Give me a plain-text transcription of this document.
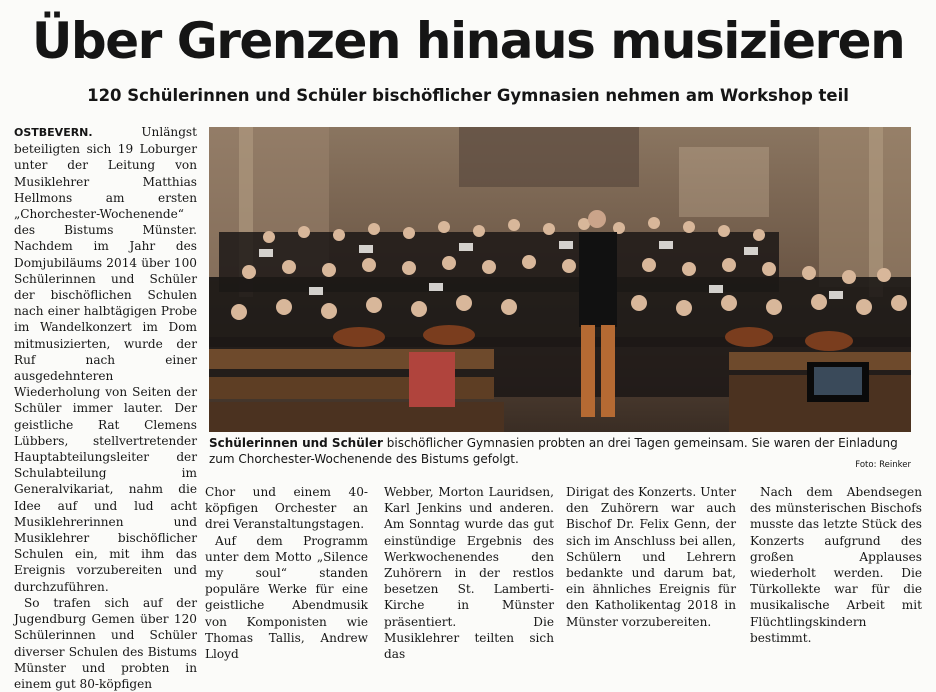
Über Grenzen hinaus musizieren
120 Schülerinnen und Schüler bischöflicher Gymnasien nehmen am Workshop teil

OSTBEVERN.	Unlängst beteiligten sich 19 Loburger unter der Leitung von Musiklehrer Matthias Hellmons am ersten „Chorchester-Wochenende“ des Bistums Münster. Nachdem im Jahr des Domjubiläums 2014 über 100 Schülerinnen und Schüler der bischöflichen Schulen nach einer halbtägigen Probe im Wandelkonzert im Dom mitmusizierten, wurde der Ruf nach einer ausgedehnteren Wiederholung von Seiten der Schüler immer lauter. Der geistliche Rat Clemens Lübbers, stellvertretender Hauptabteilungsleiter der Schulabteilung im Generalvikariat, nahm die Idee auf und lud acht Musiklehrerinnen und Musiklehrer bischöflicher Schulen ein, mit ihm das Ereignis vorzubereiten und durchzuführen.

So trafen sich auf der Jugendburg Gemen über 120 Schülerinnen und Schüler diverser Schulen des Bistums Münster und probten in einem gut 80-köpfigen

Schülerinnen und Schüler bischöflicher Gymnasien probten an drei Tagen gemeinsam. Sie waren der Einladung zum Chorchester-Wochenende des Bistums gefolgt.	Foto: Reinker

Chor und einem 40-köpfigen Orchester an drei Veranstaltungstagen.

Auf dem Programm unter dem Motto „Silence my soul“ standen populäre Werke für eine geistliche Abendmusik von Komponisten wie Thomas Tallis, Andrew Lloyd

Webber, Morton Lauridsen, Karl Jenkins und anderen. Am Sonntag wurde das gut einstündige Ergebnis des Werkwochenendes den Zuhörern in der restlos besetzen St. Lamberti-Kirche in Münster präsentiert. Die Musiklehrer teilten sich das

Dirigat des Konzerts. Unter den Zuhörern war auch Bischof Dr. Felix Genn, der sich im Anschluss bei allen, Schülern und Lehrern bedankte und darum bat, ein ähnliches Ereignis für den Katholikentag 2018 in Münster vorzubereiten.

Nach dem Abendsegen des münsterischen Bischofs musste das letzte Stück des Konzerts aufgrund des großen Applauses wiederholt werden. Die Türkollekte war für die musikalische Arbeit mit Flüchtlingskindern bestimmt.
